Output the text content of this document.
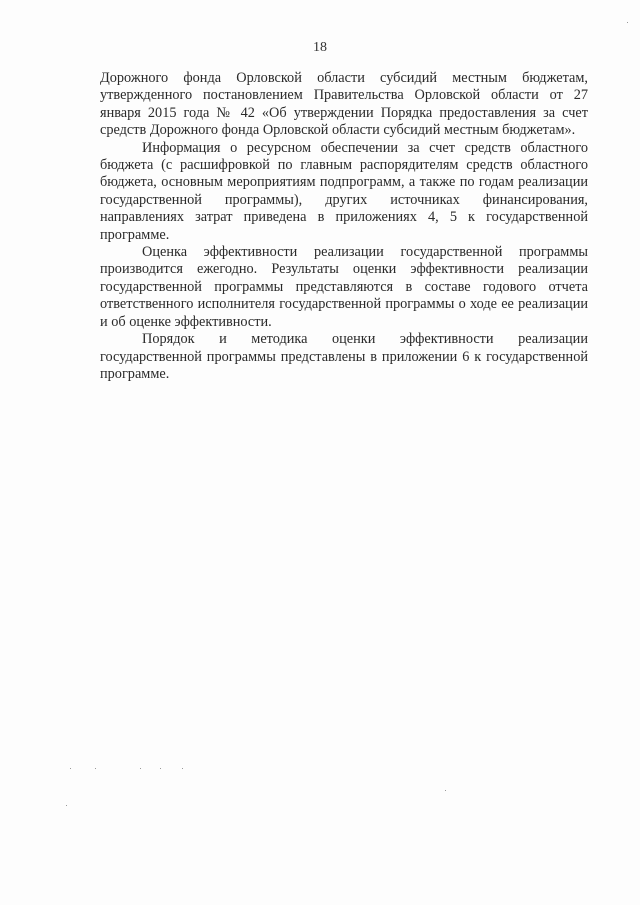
18

Дорожного фонда Орловской области субсидий местным бюджетам, утвержденного постановлением Правительства Орловской области от 27 января 2015 года № 42 «Об утверждении Порядка предоставления за счет средств Дорожного фонда Орловской области субсидий местным бюджетам».

Информация о ресурсном обеспечении за счет средств областного бюджета (с расшифровкой по главным распорядителям средств областного бюджета, основным мероприятиям подпрограмм, а также по годам реализации государственной программы), других источниках финансирования, направлениях затрат приведена в приложениях 4, 5 к государственной программе.

Оценка эффективности реализации государственной программы производится ежегодно. Результаты оценки эффективности реализации государственной программы представляются в составе годового отчета ответственного исполнителя государственной программы о ходе ее реализации и об оценке эффективности.

Порядок и методика оценки эффективности реализации государственной программы представлены в приложении 6 к государственной программе.
